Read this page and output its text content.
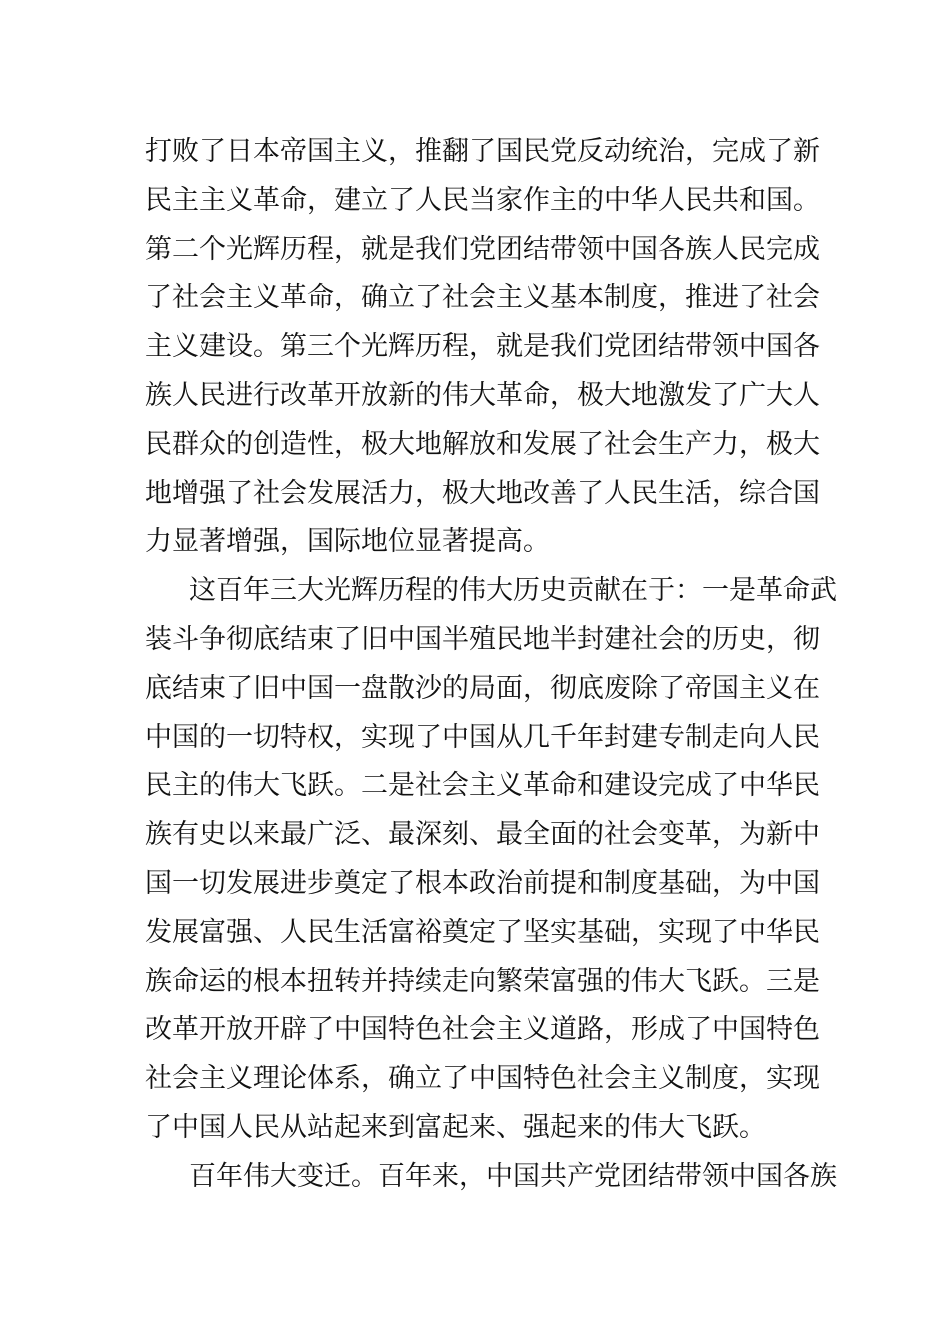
打败了日本帝国主义，推翻了国民党反动统治，完成了新
民主主义革命，建立了人民当家作主的中华人民共和国。
第二个光辉历程，就是我们党团结带领中国各族人民完成
了社会主义革命，确立了社会主义基本制度，推进了社会
主义建设。第三个光辉历程，就是我们党团结带领中国各
族人民进行改革开放新的伟大革命，极大地激发了广大人
民群众的创造性，极大地解放和发展了社会生产力，极大
地增强了社会发展活力，极大地改善了人民生活，综合国
力显著增强，国际地位显著提高。
这百年三大光辉历程的伟大历史贡献在于：一是革命武
装斗争彻底结束了旧中国半殖民地半封建社会的历史，彻
底结束了旧中国一盘散沙的局面，彻底废除了帝国主义在
中国的一切特权，实现了中国从几千年封建专制走向人民
民主的伟大飞跃。二是社会主义革命和建设完成了中华民
族有史以来最广泛、最深刻、最全面的社会变革，为新中
国一切发展进步奠定了根本政治前提和制度基础，为中国
发展富强、人民生活富裕奠定了坚实基础，实现了中华民
族命运的根本扭转并持续走向繁荣富强的伟大飞跃。三是
改革开放开辟了中国特色社会主义道路，形成了中国特色
社会主义理论体系，确立了中国特色社会主义制度，实现
了中国人民从站起来到富起来、强起来的伟大飞跃。
百年伟大变迁。百年来，中国共产党团结带领中国各族
